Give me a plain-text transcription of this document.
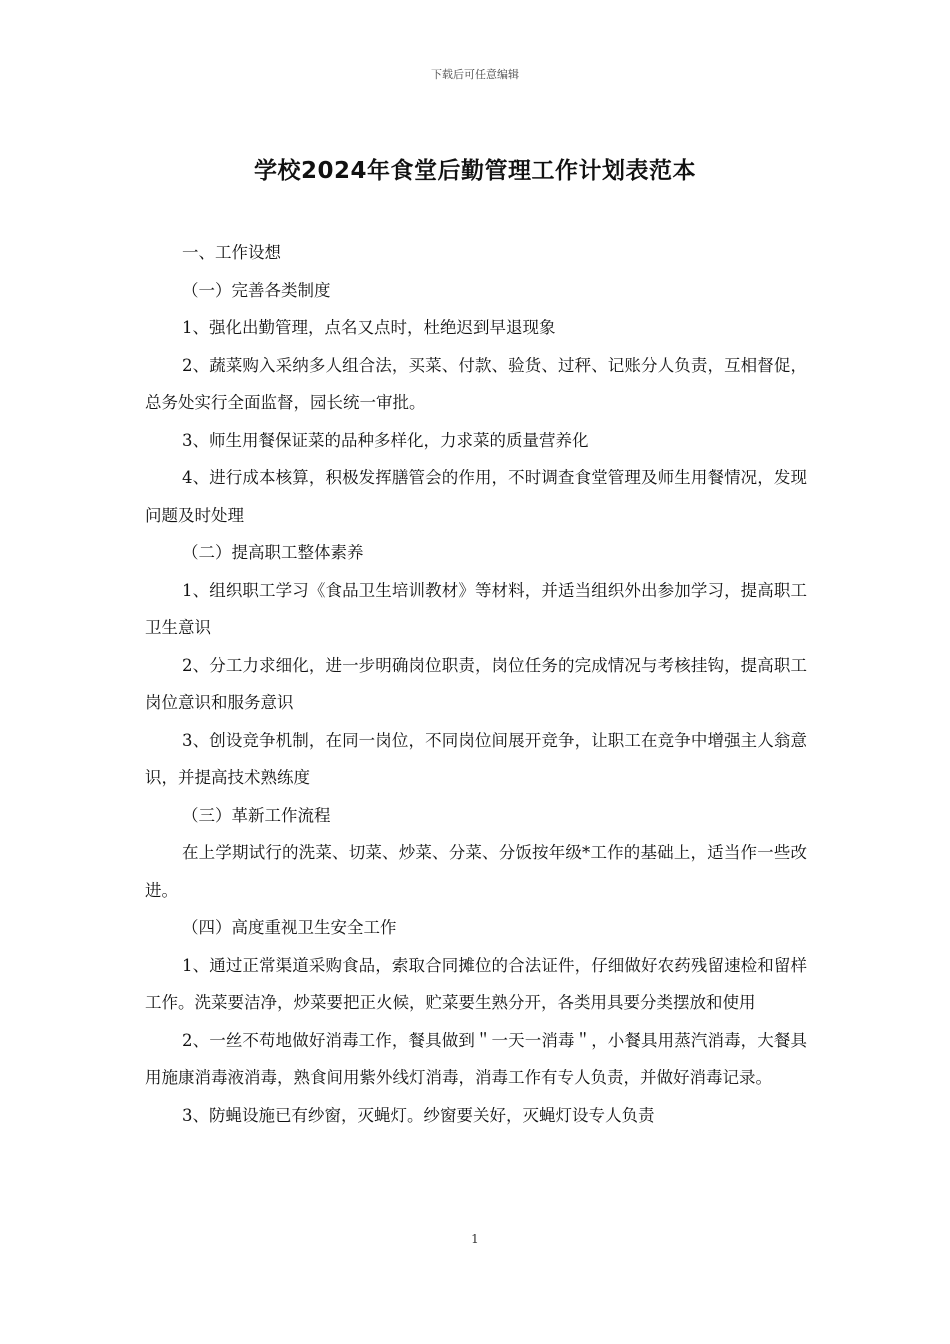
下载后可任意编辑
学校2024年食堂后勤管理工作计划表范本

一、工作设想

（一）完善各类制度

1、强化出勤管理，点名又点时，杜绝迟到早退现象

2、蔬菜购入采纳多人组合法，买菜、付款、验货、过秤、记账分人负责，互相督促，总务处实行全面监督，园长统一审批。

3、师生用餐保证菜的品种多样化，力求菜的质量营养化

4、进行成本核算，积极发挥膳管会的作用，不时调查食堂管理及师生用餐情况，发现问题及时处理

（二）提高职工整体素养

1、组织职工学习《食品卫生培训教材》等材料，并适当组织外出参加学习，提高职工卫生意识

2、分工力求细化，进一步明确岗位职责，岗位任务的完成情况与考核挂钩，提高职工岗位意识和服务意识

3、创设竞争机制，在同一岗位，不同岗位间展开竞争，让职工在竞争中增强主人翁意识，并提高技术熟练度

（三）革新工作流程

在上学期试行的洗菜、切菜、炒菜、分菜、分饭按年级*工作的基础上，适当作一些改进。

（四）高度重视卫生安全工作

1、通过正常渠道采购食品，索取合同摊位的合法证件，仔细做好农药残留速检和留样工作。洗菜要洁净，炒菜要把正火候，贮菜要生熟分开，各类用具要分类摆放和使用

2、一丝不苟地做好消毒工作，餐具做到＂一天一消毒＂，小餐具用蒸汽消毒，大餐具用施康消毒液消毒，熟食间用紫外线灯消毒，消毒工作有专人负责，并做好消毒记录。

3、防蝇设施已有纱窗，灭蝇灯。纱窗要关好，灭蝇灯设专人负责

1
